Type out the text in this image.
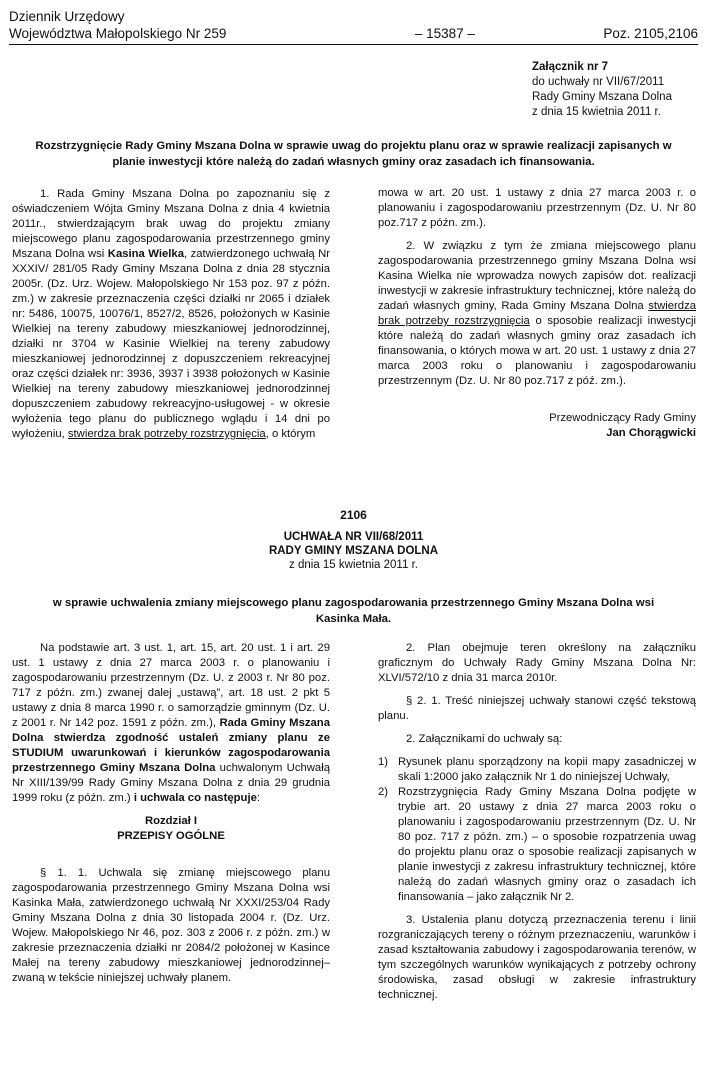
Dziennik Urzędowy
Województwa Małopolskiego Nr 259	– 15387 –	Poz. 2105,2106
Załącznik nr 7
do uchwały nr VII/67/2011
Rady Gminy Mszana Dolna
z dnia 15 kwietnia 2011 r.
Rozstrzygnięcie Rady Gminy Mszana Dolna w sprawie uwag do projektu planu oraz w sprawie realizacji zapisanych w planie inwestycji które należą do zadań własnych gminy oraz zasadach ich finansowania.

1. Rada Gminy Mszana Dolna po zapoznaniu się z oświadczeniem Wójta Gminy Mszana Dolna z dnia 4 kwietnia 2011r., stwierdzającym brak uwag do projektu zmiany miejscowego planu zagospodarowania przestrzennego gminy Mszana Dolna wsi Kasina Wielka, zatwierdzonego uchwałą Nr XXXIV/ 281/05 Rady Gminy Mszana Dolna z dnia 28 stycznia 2005r. (Dz. Urz. Wojew. Małopolskiego Nr 153 poz. 97 z późn. zm.) w zakresie przeznaczenia części działki nr 2065 i działek nr: 5486, 10075, 10076/1, 8527/2, 8526, położonych w Kasinie Wielkiej na tereny zabudowy mieszkaniowej jednorodzinnej, działki nr 3704 w Kasinie Wielkiej na tereny zabudowy mieszkaniowej jednorodzinnej z dopuszczeniem rekreacyjnej oraz części działek nr: 3936, 3937 i 3938 położonych w Kasinie Wielkiej na tereny zabudowy mieszkaniowej jednorodzinnej dopuszczeniem zabudowy rekreacyjno-usługowej - w okresie wyłożenia tego planu do publicznego wglądu i 14 dni po wyłożeniu, stwierdza brak potrzeby rozstrzygnięcia, o którym

mowa w art. 20 ust. 1 ustawy z dnia 27 marca 2003 r. o planowaniu i zagospodarowaniu przestrzennym (Dz. U. Nr 80 poz.717 z późn. zm.).

2. W związku z tym że zmiana miejscowego planu zagospodarowania przestrzennego gminy Mszana Dolna wsi Kasina Wielka nie wprowadza nowych zapisów dot. realizacji inwestycji w zakresie infrastruktury technicznej, które należą do zadań własnych gminy, Rada Gminy Mszana Dolna stwierdza brak potrzeby rozstrzygnięcia o sposobie realizacji inwestycji które należą do zadań własnych gminy oraz zasadach ich finansowania, o których mowa w art. 20 ust. 1 ustawy z dnia 27 marca 2003 roku o planowaniu i zagospodarowaniu przestrzennym (Dz. U. Nr 80 poz.717 z póź. zm.).

Przewodniczący Rady Gminy

Jan Chorągwicki

2106
UCHWAŁA NR VII/68/2011
RADY GMINY MSZANA DOLNA
z dnia 15 kwietnia 2011 r.
w sprawie uchwalenia zmiany miejscowego planu zagospodarowania przestrzennego Gminy Mszana Dolna wsi Kasinka Mała.

Na podstawie art. 3 ust. 1, art. 15, art. 20 ust. 1 i art. 29 ust. 1 ustawy z dnia 27 marca 2003 r. o planowaniu i zagospodarowaniu przestrzennym (Dz. U. z 2003 r. Nr 80 poz. 717 z późn. zm.) zwanej dalej „ustawą”, art. 18 ust. 2 pkt 5 ustawy z dnia 8 marca 1990 r. o samorządzie gminnym (Dz. U. z 2001 r. Nr 142 poz. 1591 z późn. zm.), Rada Gminy Mszana Dolna stwierdza zgodność ustaleń zmiany planu ze STUDIUM uwarunkowań i kierunków zagospodarowania przestrzennego Gminy Mszana Dolna uchwalonym Uchwałą Nr XIII/139/99 Rady Gminy Mszana Dolna z dnia 29 grudnia 1999 roku (z późn. zm.) i uchwala co następuje:

Rozdział I

PRZEPISY OGÓLNE

§ 1. 1. Uchwala się zmianę miejscowego planu zagospodarowania przestrzennego Gminy Mszana Dolna wsi Kasinka Mała, zatwierdzonego uchwałą Nr XXXI/253/04 Rady Gminy Mszana Dolna z dnia 30 listopada 2004 r. (Dz. Urz. Wojew. Małopolskiego Nr 46, poz. 303 z 2006 r. z późn. zm.) w zakresie przeznaczenia działki nr 2084/2 położonej w Kasince Małej na tereny zabudowy mieszkaniowej jednorodzinnej–zwaną w tekście niniejszej uchwały planem.

2. Plan obejmuje teren określony na załączniku graficznym do Uchwały Rady Gminy Mszana Dolna Nr: XLVI/572/10 z dnia 31 marca 2010r.

§ 2. 1. Treść niniejszej uchwały stanowi część tekstową planu.

2. Załącznikami do uchwały są:

1) Rysunek planu sporządzony na kopii mapy zasadniczej w skali 1:2000 jako załącznik Nr 1 do niniejszej Uchwały,
2) Rozstrzygnięcia Rady Gminy Mszana Dolna podjęte w trybie art. 20 ustawy z dnia 27 marca 2003 roku o planowaniu i zagospodarowaniu przestrzennym (Dz. U. Nr 80 poz. 717 z późn. zm.) – o sposobie rozpatrzenia uwag do projektu planu oraz o sposobie realizacji zapisanych w planie inwestycji z zakresu infrastruktury technicznej, które należą do zadań własnych gminy oraz o zasadach ich finansowania – jako załącznik Nr 2.

3. Ustalenia planu dotyczą przeznaczenia terenu i linii rozgraniczających tereny o różnym przeznaczeniu, warunków i zasad kształtowania zabudowy i zagospodarowania terenów, w tym szczególnych warunków wynikających z potrzeby ochrony środowiska, zasad obsługi w zakresie infrastruktury technicznej.
